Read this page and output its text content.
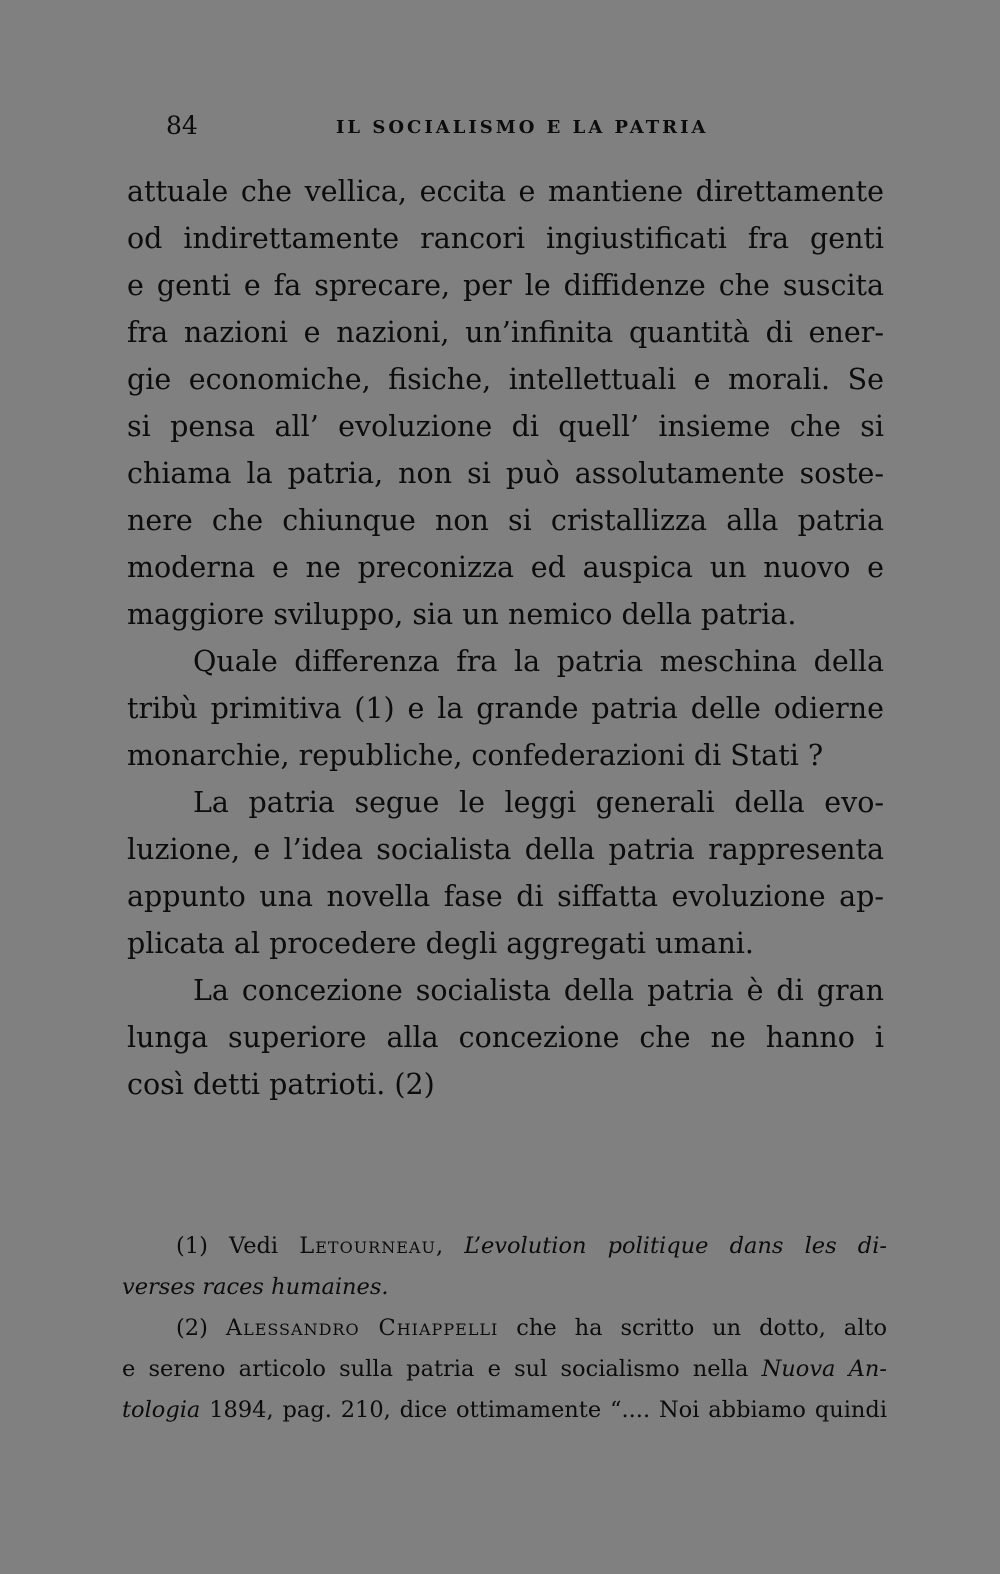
84	IL SOCIALISMO E LA PATRIA
attuale che vellica, eccita e mantiene direttamente
od indirettamente rancori ingiustificati fra genti
e genti e fa sprecare, per le diffidenze che suscita
fra nazioni e nazioni, un’infinita quantità di ener-
gie economiche, fisiche, intellettuali e morali. Se
si pensa all’ evoluzione di quell’ insieme che si
chiama la patria, non si può assolutamente soste-
nere che chiunque non si cristallizza alla patria
moderna e ne preconizza ed auspica un nuovo e
maggiore sviluppo, sia un nemico della patria.
Quale differenza fra la patria meschina della
tribù primitiva (1) e la grande patria delle odierne
monarchie, republiche, confederazioni di Stati ?
La patria segue le leggi generali della evo-
luzione, e l’idea socialista della patria rappresenta
appunto una novella fase di siffatta evoluzione ap-
plicata al procedere degli aggregati umani.
La concezione socialista della patria è di gran
lunga superiore alla concezione che ne hanno i
così detti patrioti. (2)
(1) Vedi Letourneau, L’evolution politique dans les di-
verses races humaines.
(2) Alessandro Chiappelli che ha scritto un dotto, alto
e sereno articolo sulla patria e sul socialismo nella Nuova An-
tologia 1894, pag. 210, dice ottimamente “.... Noi abbiamo quindi
